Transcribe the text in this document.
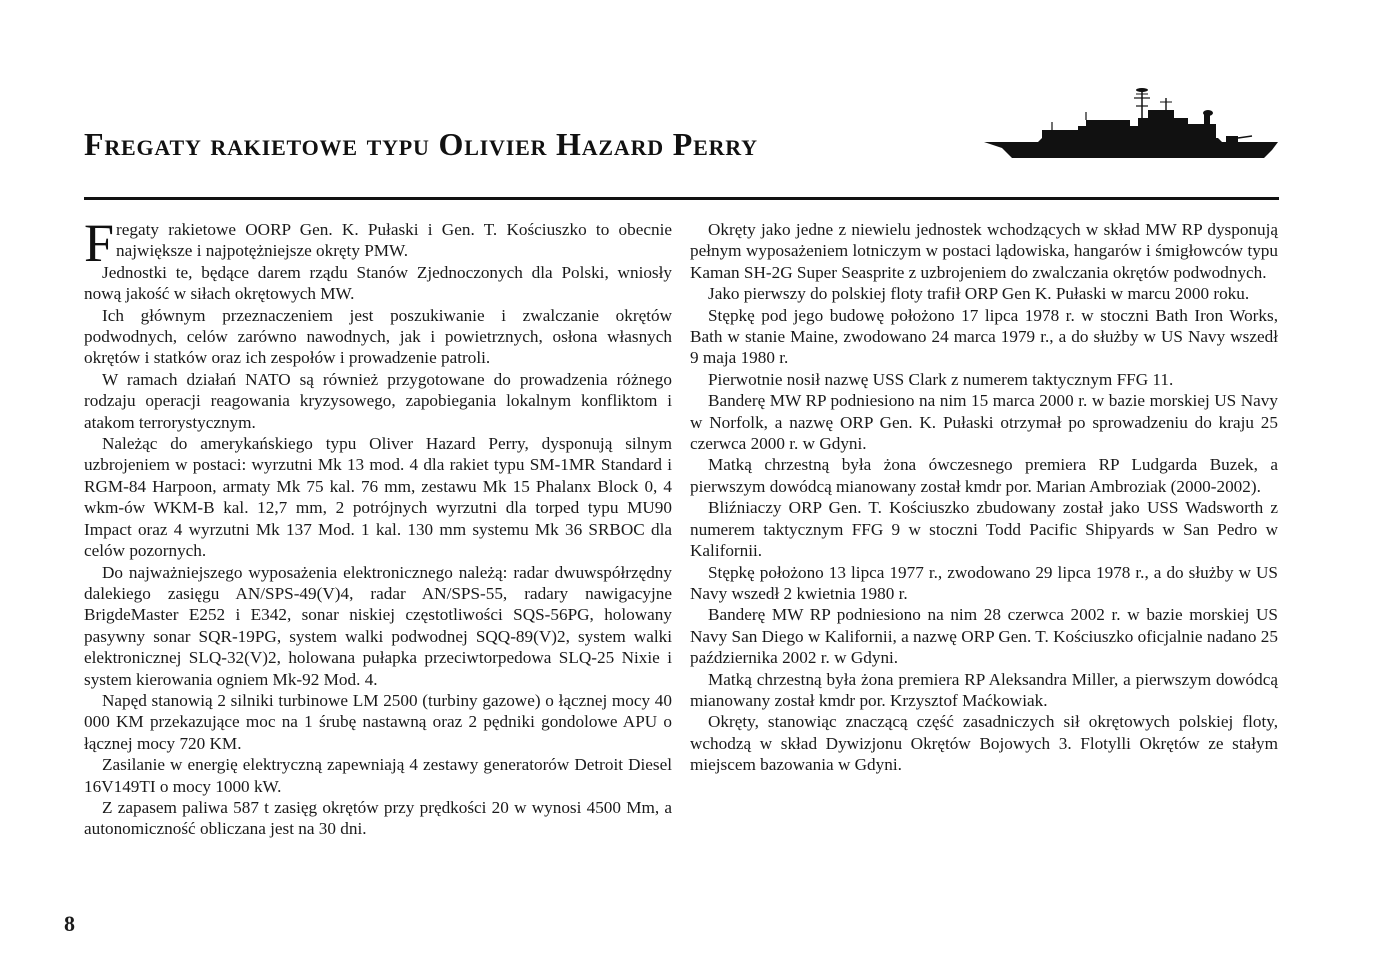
Fregaty rakietowe typu Olivier Hazard Perry

Fregaty rakietowe OORP Gen. K. Pułaski i Gen. T. Kościuszko to obecnie największe i najpotężniejsze okręty PMW.

Jednostki te, będące darem rządu Stanów Zjednoczonych dla Polski, wniosły nową jakość w siłach okrętowych MW.

Ich głównym przeznaczeniem jest poszukiwanie i zwalczanie okrętów podwodnych, celów zarówno nawodnych, jak i powietrznych, osłona własnych okrętów i statków oraz ich zespołów i prowadzenie patroli.

W ramach działań NATO są również przygotowane do prowadzenia różnego rodzaju operacji reagowania kryzysowego, zapobiegania lokalnym konfliktom i atakom terrorystycznym.

Należąc do amerykańskiego typu Oliver Hazard Perry, dysponują silnym uzbrojeniem w postaci: wyrzutni Mk 13 mod. 4 dla rakiet typu SM-1MR Standard i RGM-84 Harpoon, armaty Mk 75 kal. 76 mm, zestawu Mk 15 Phalanx Block 0, 4 wkm-ów WKM-B kal. 12,7 mm, 2 potrójnych wyrzutni dla torped typu MU90 Impact oraz 4 wyrzutni Mk 137 Mod. 1 kal. 130 mm systemu Mk 36 SRBOC dla celów pozornych.

Do najważniejszego wyposażenia elektronicznego należą: radar dwuwspółrzędny dalekiego zasięgu AN/SPS-49(V)4, radar AN/SPS-55, radary nawigacyjne BrigdeMaster E252 i E342, sonar niskiej częstotliwości SQS-56PG, holowany pasywny sonar SQR-19PG, system walki podwodnej SQQ-89(V)2, system walki elektronicznej SLQ-32(V)2, holowana pułapka przeciwtorpedowa SLQ-25 Nixie i system kierowania ogniem Mk-92 Mod. 4.

Napęd stanowią 2 silniki turbinowe LM 2500 (turbiny gazowe) o łącznej mocy 40 000 KM przekazujące moc na 1 śrubę nastawną oraz 2 pędniki gondolowe APU o łącznej mocy 720 KM.

Zasilanie w energię elektryczną zapewniają 4 zestawy generatorów Detroit Diesel 16V149TI o mocy 1000 kW.

Z zapasem paliwa 587 t zasięg okrętów przy prędkości 20 w wynosi 4500 Mm, a autonomiczność obliczana jest na 30 dni.

Okręty jako jedne z niewielu jednostek wchodzących w skład MW RP dysponują pełnym wyposażeniem lotniczym w postaci lądowiska, hangarów i śmigłowców typu Kaman SH-2G Super Seasprite z uzbrojeniem do zwalczania okrętów podwodnych.

Jako pierwszy do polskiej floty trafił ORP Gen K. Pułaski w marcu 2000 roku.

Stępkę pod jego budowę położono 17 lipca 1978 r. w stoczni Bath Iron Works, Bath w stanie Maine, zwodowano 24 marca 1979 r., a do służby w US Navy wszedł 9 maja 1980 r.

Pierwotnie nosił nazwę USS Clark z numerem taktycznym FFG 11.

Banderę MW RP podniesiono na nim 15 marca 2000 r. w bazie morskiej US Navy w Norfolk, a nazwę ORP Gen. K. Pułaski otrzymał po sprowadzeniu do kraju 25 czerwca 2000 r. w Gdyni.

Matką chrzestną była żona ówczesnego premiera RP Ludgarda Buzek, a pierwszym dowódcą mianowany został kmdr por. Marian Ambroziak (2000-2002).

Bliźniaczy ORP Gen. T. Kościuszko zbudowany został jako USS Wadsworth z numerem taktycznym FFG 9 w stoczni Todd Pacific Shipyards w San Pedro w Kalifornii.

Stępkę położono 13 lipca 1977 r., zwodowano 29 lipca 1978 r., a do służby w US Navy wszedł 2 kwietnia 1980 r.

Banderę MW RP podniesiono na nim 28 czerwca 2002 r. w bazie morskiej US Navy San Diego w Kalifornii, a nazwę ORP Gen. T. Kościuszko oficjalnie nadano 25 października 2002 r. w Gdyni.

Matką chrzestną była żona premiera RP Aleksandra Miller, a pierwszym dowódcą mianowany został kmdr por. Krzysztof Maćkowiak.

Okręty, stanowiąc znaczącą część zasadniczych sił okrętowych polskiej floty, wchodzą w skład Dywizjonu Okrętów Bojowych 3. Flotylli Okrętów ze stałym miejscem bazowania w Gdyni.

8
